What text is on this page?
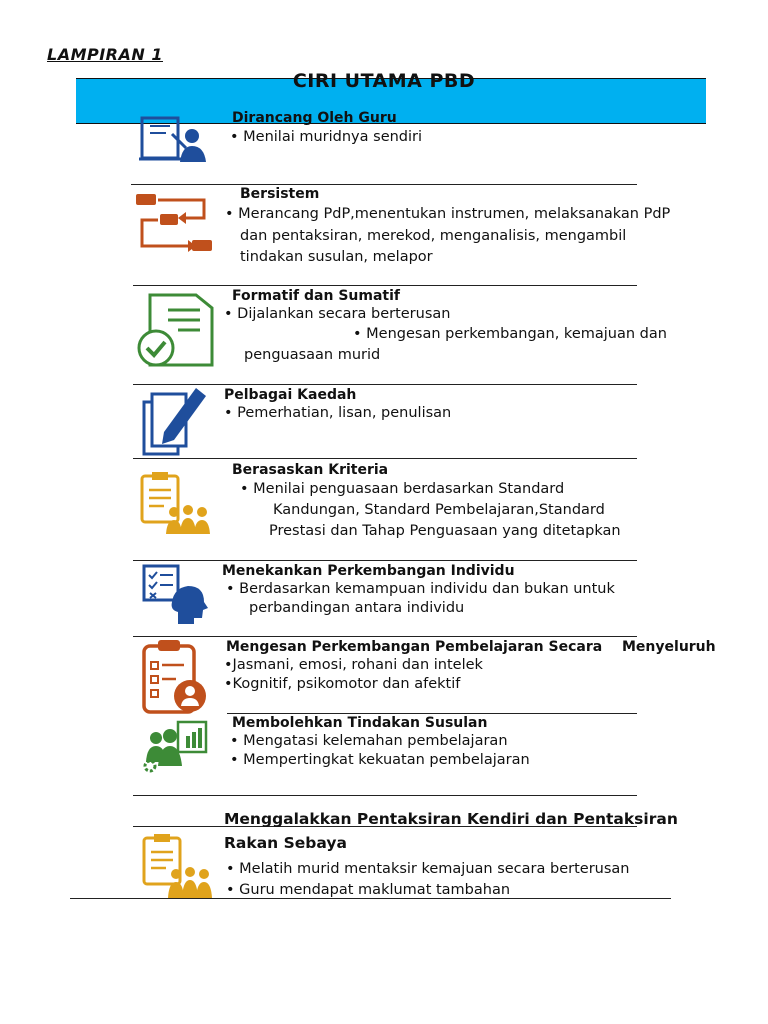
LAMPIRAN 1
CIRI UTAMA PBD
Dirancang Oleh Guru
• Menilai muridnya sendiri
Bersistem
• Merancang PdP,menentukan instrumen, melaksanakan PdP
dan pentaksiran, merekod, menganalisis, mengambil
tindakan susulan, melapor
Formatif dan Sumatif
• Dijalankan secara berterusan
• Mengesan perkembangan, kemajuan dan
penguasaan murid
Pelbagai Kaedah
• Pemerhatian, lisan, penulisan
Berasaskan Kriteria
• Menilai penguasaan berdasarkan Standard
Kandungan, Standard Pembelajaran,Standard
Prestasi dan Tahap Penguasaan yang ditetapkan
Menekankan Perkembangan Individu
• Berdasarkan kemampuan individu dan bukan untuk
perbandingan antara individu
Mengesan Perkembangan Pembelajaran Secara Menyeluruh
•Jasmani, emosi, rohani dan intelek
•Kognitif, psikomotor dan afektif
Membolehkan Tindakan Susulan
• Mengatasi kelemahan pembelajaran
• Mempertingkat kekuatan pembelajaran
Menggalakkan Pentaksiran Kendiri dan Pentaksiran
Rakan Sebaya
• Melatih murid mentaksir kemajuan secara berterusan
• Guru mendapat maklumat tambahan
